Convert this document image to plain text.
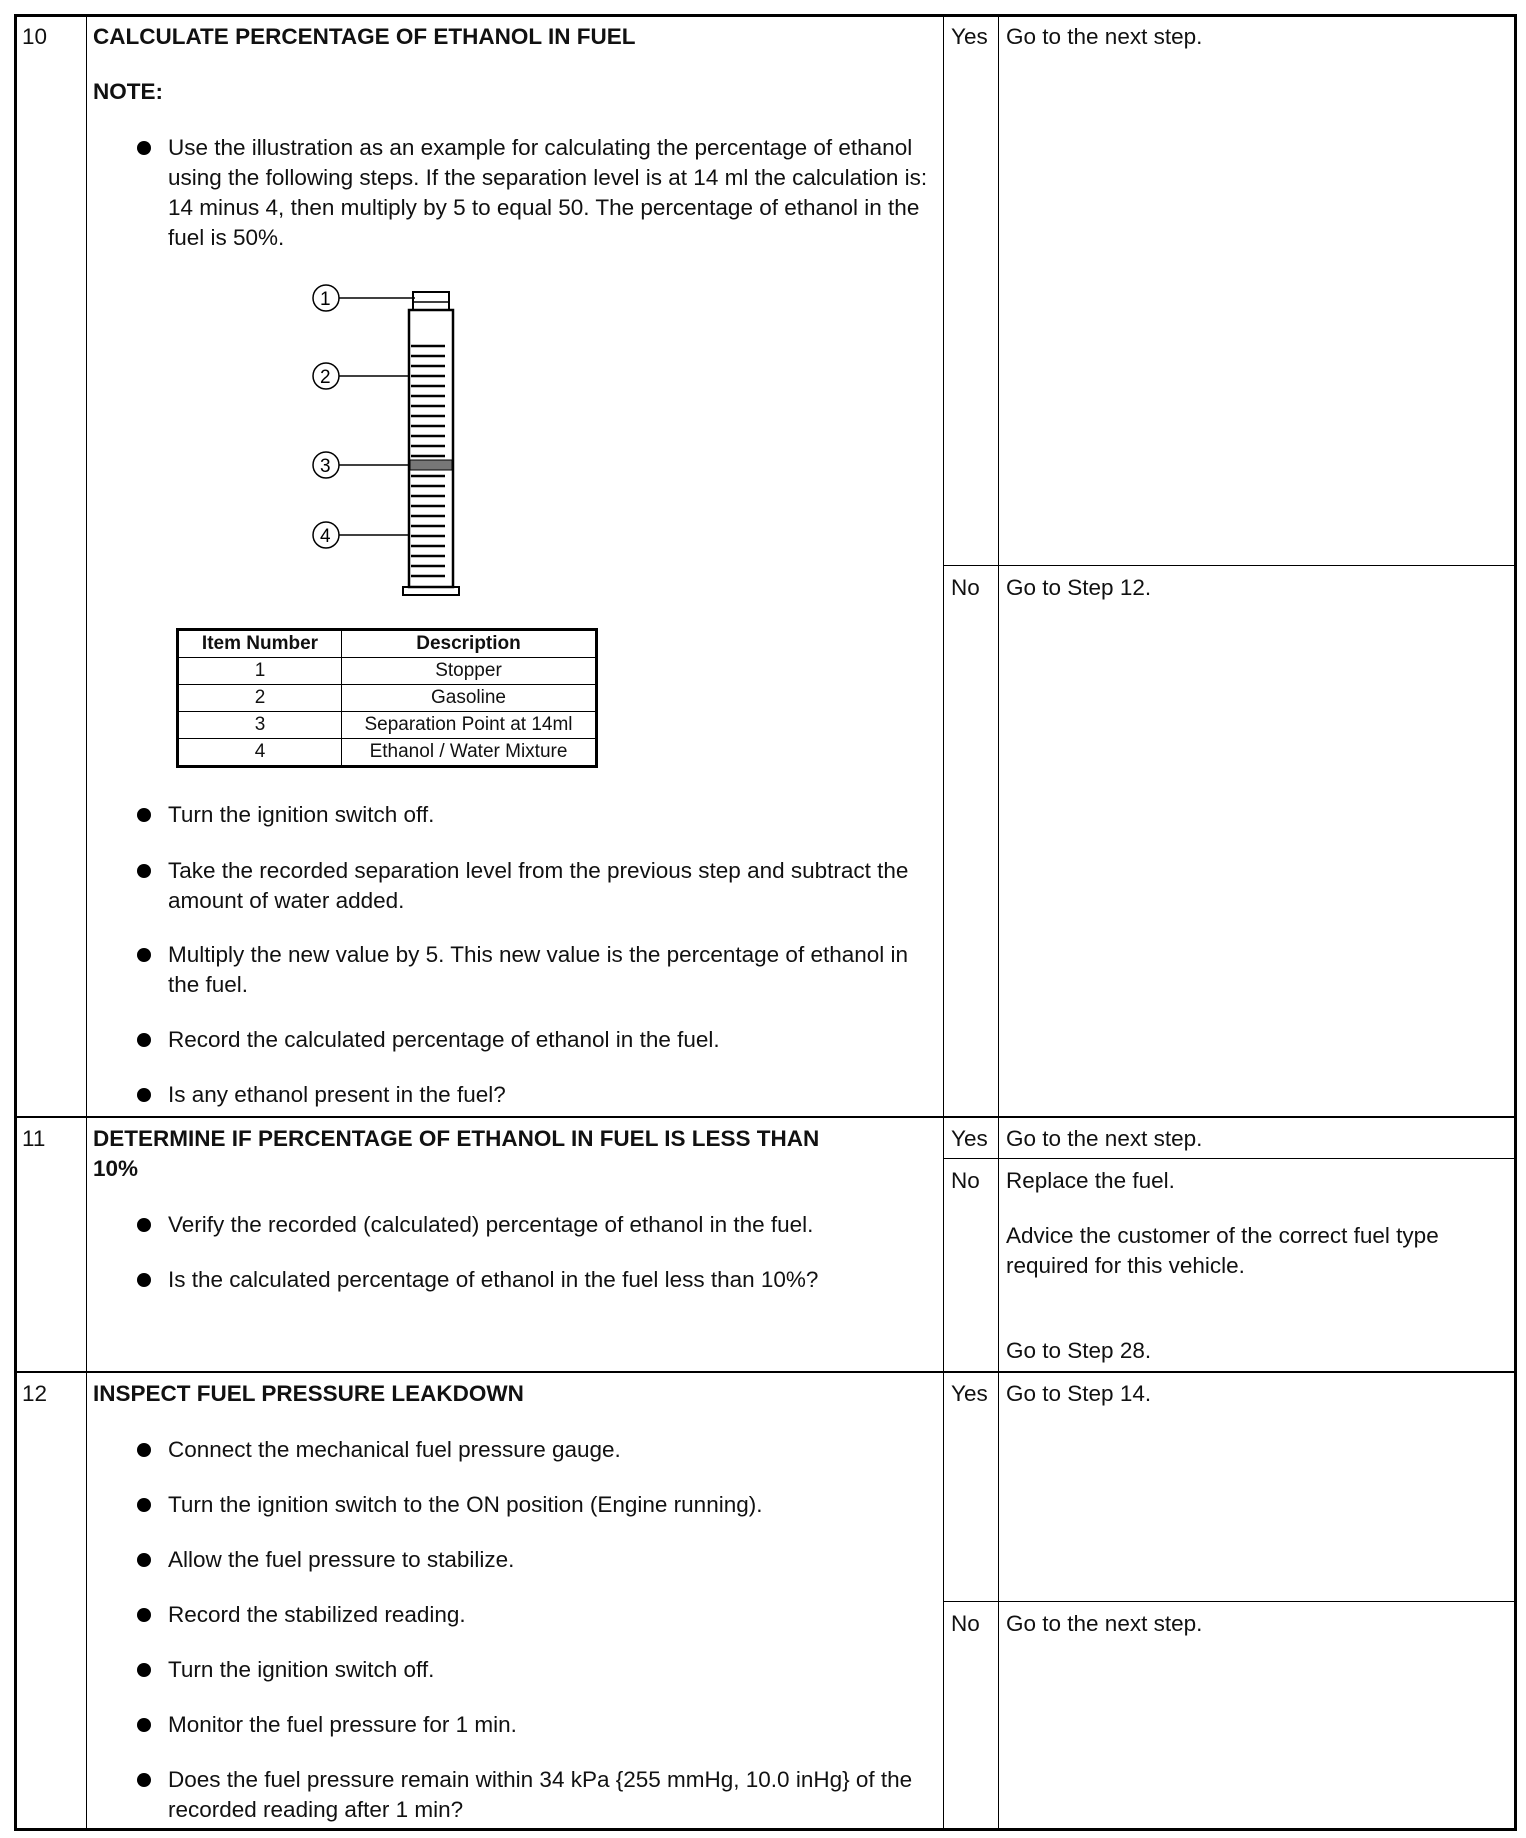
10 CALCULATE PERCENTAGE OF ETHANOL IN FUEL
NOTE:
Use the illustration as an example for calculating the percentage of ethanol using the following steps. If the separation level is at 14 ml the calculation is: 14 minus 4, then multiply by 5 to equal 50. The percentage of ethanol in the fuel is 50%.
1
2
3
4
Item Number	Description
1	Stopper
2	Gasoline
3	Separation Point at 14ml
4	Ethanol / Water Mixture
Turn the ignition switch off.
Take the recorded separation level from the previous step and subtract the amount of water added.
Multiply the new value by 5. This new value is the percentage of ethanol in the fuel.
Record the calculated percentage of ethanol in the fuel.
Is any ethanol present in the fuel?
Yes Go to the next step.
No Go to Step 12.
11 DETERMINE IF PERCENTAGE OF ETHANOL IN FUEL IS LESS THAN
10%
Verify the recorded (calculated) percentage of ethanol in the fuel.
Is the calculated percentage of ethanol in the fuel less than 10%?
Yes Go to the next step.
No Replace the fuel.
Advice the customer of the correct fuel type required for this vehicle.
Go to Step 28.
12 INSPECT FUEL PRESSURE LEAKDOWN
Connect the mechanical fuel pressure gauge.
Turn the ignition switch to the ON position (Engine running).
Allow the fuel pressure to stabilize.
Record the stabilized reading.
Turn the ignition switch off.
Monitor the fuel pressure for 1 min.
Does the fuel pressure remain within 34 kPa {255 mmHg, 10.0 inHg} of the recorded reading after 1 min?
Yes Go to Step 14.
No Go to the next step.
